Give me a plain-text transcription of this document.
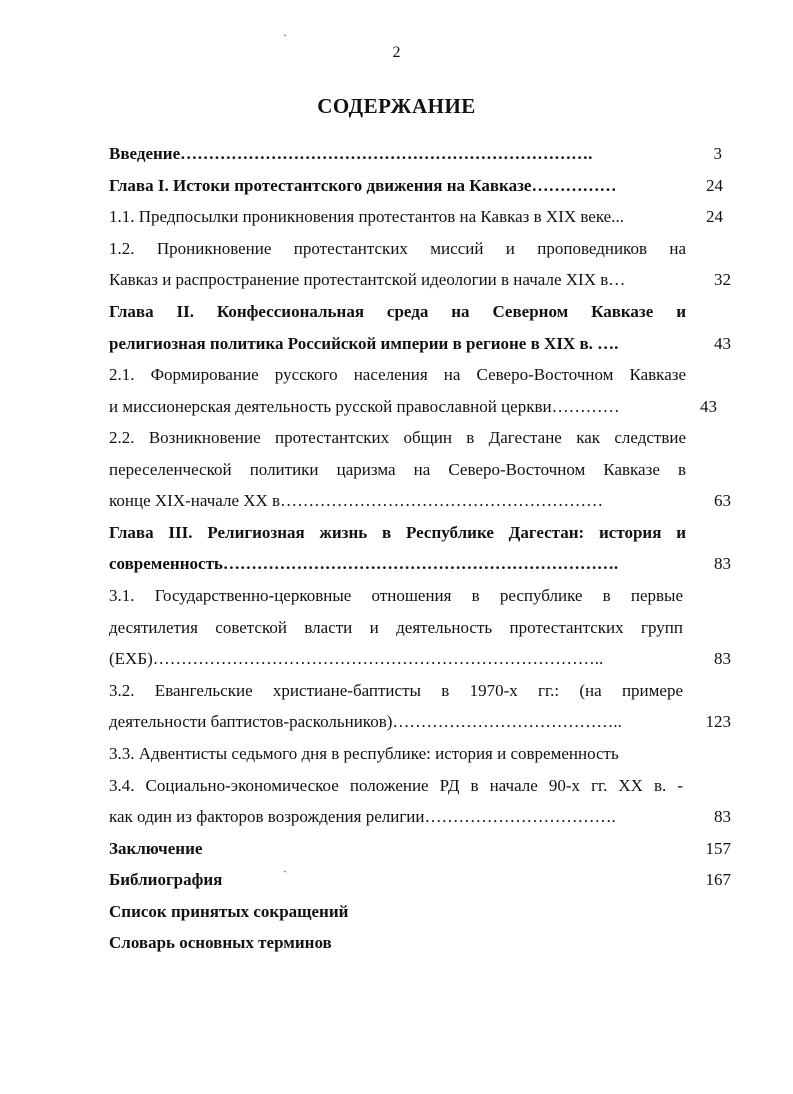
2
СОДЕРЖАНИЕ
`
`
Введение……………………………………………………………….	3
Глава I. Истоки протестантского движения на Кавказе……………	24
1.1. Предпосылки проникновения протестантов на Кавказ в XIX веке...	24
1.2. Проникновение протестантских миссий и проповедников на
Кавказ и распространение протестантской идеологии в начале XIX в…	32
Глава II. Конфессиональная среда на Северном Кавказе и
религиозная политика Российской империи в регионе в XIX в. ….	43
2.1. Формирование русского населения на Северо-Восточном Кавказе
и миссионерская деятельность русской православной церкви…………	43
2.2. Возникновение протестантских общин в Дагестане как следствие
переселенческой политики царизма на Северо-Восточном Кавказе в
конце XIX-начале XX в…………………………………………………	63
Глава III. Религиозная жизнь в Республике Дагестан: история и
современность…………………………………………………………….	83
3.1. Государственно-церковные отношения в республике в первые
десятилетия советской власти и деятельность протестантских групп
(ЕХБ)……………………………………………………………………..	83
3.2. Евангельские христиане-баптисты в 1970-х гг.: (на примере
деятельности баптистов-раскольников)…………………………………..	123
3.3. Адвентисты седьмого дня в республике: история и современность
3.4. Социально-экономическое положение РД в начале 90-х гг. XX в. -
как один из факторов возрождения религии…………………………….	83
Заключение	157
Библиография	167
Список принятых сокращений
Словарь основных терминов
